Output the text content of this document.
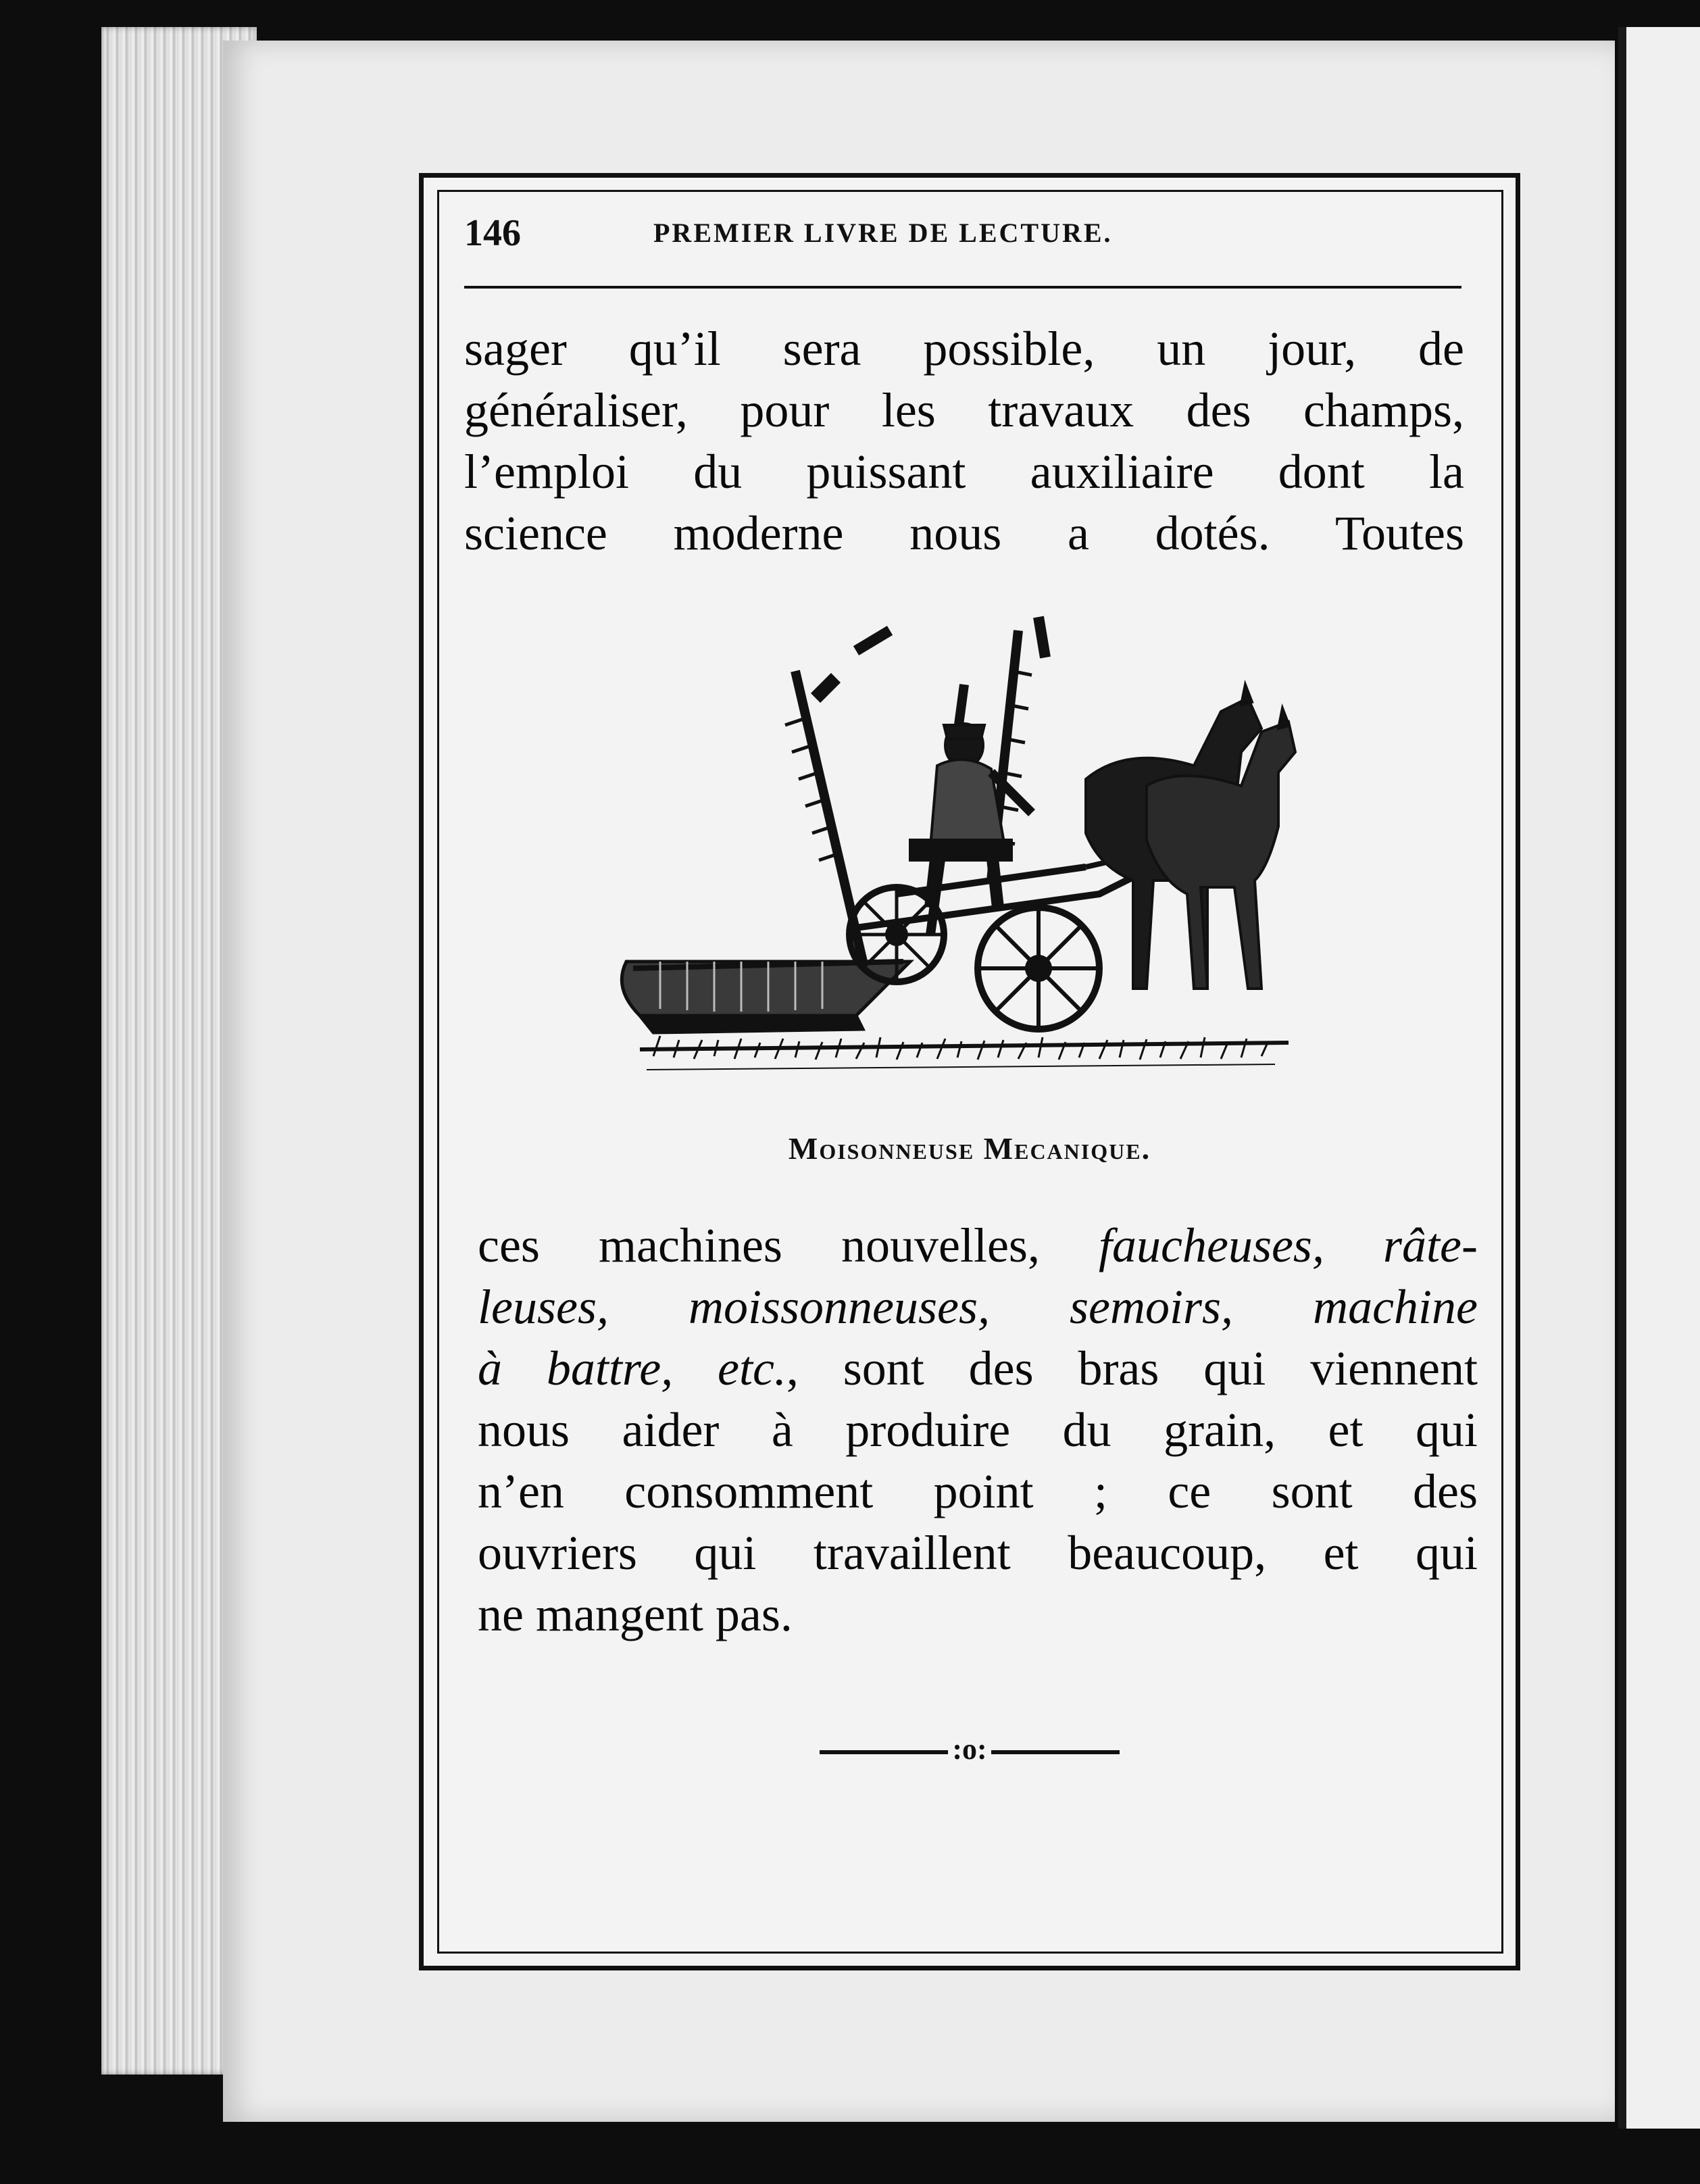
146	PREMIER LIVRE DE LECTURE.
sager qu’il sera possible, un jour, de
généraliser, pour les travaux des champs,
l’emploi du puissant auxiliaire dont la
science moderne nous a dotés. Toutes
Moisonneuse Mecanique.
ces machines nouvelles, faucheuses, râte-
leuses, moissonneuses, semoirs, machine
à battre, etc., sont des bras qui viennent
nous aider à produire du grain, et qui
n’en consomment point ; ce sont des
ouvriers qui travaillent beaucoup, et qui
ne mangent pas.
:o:
